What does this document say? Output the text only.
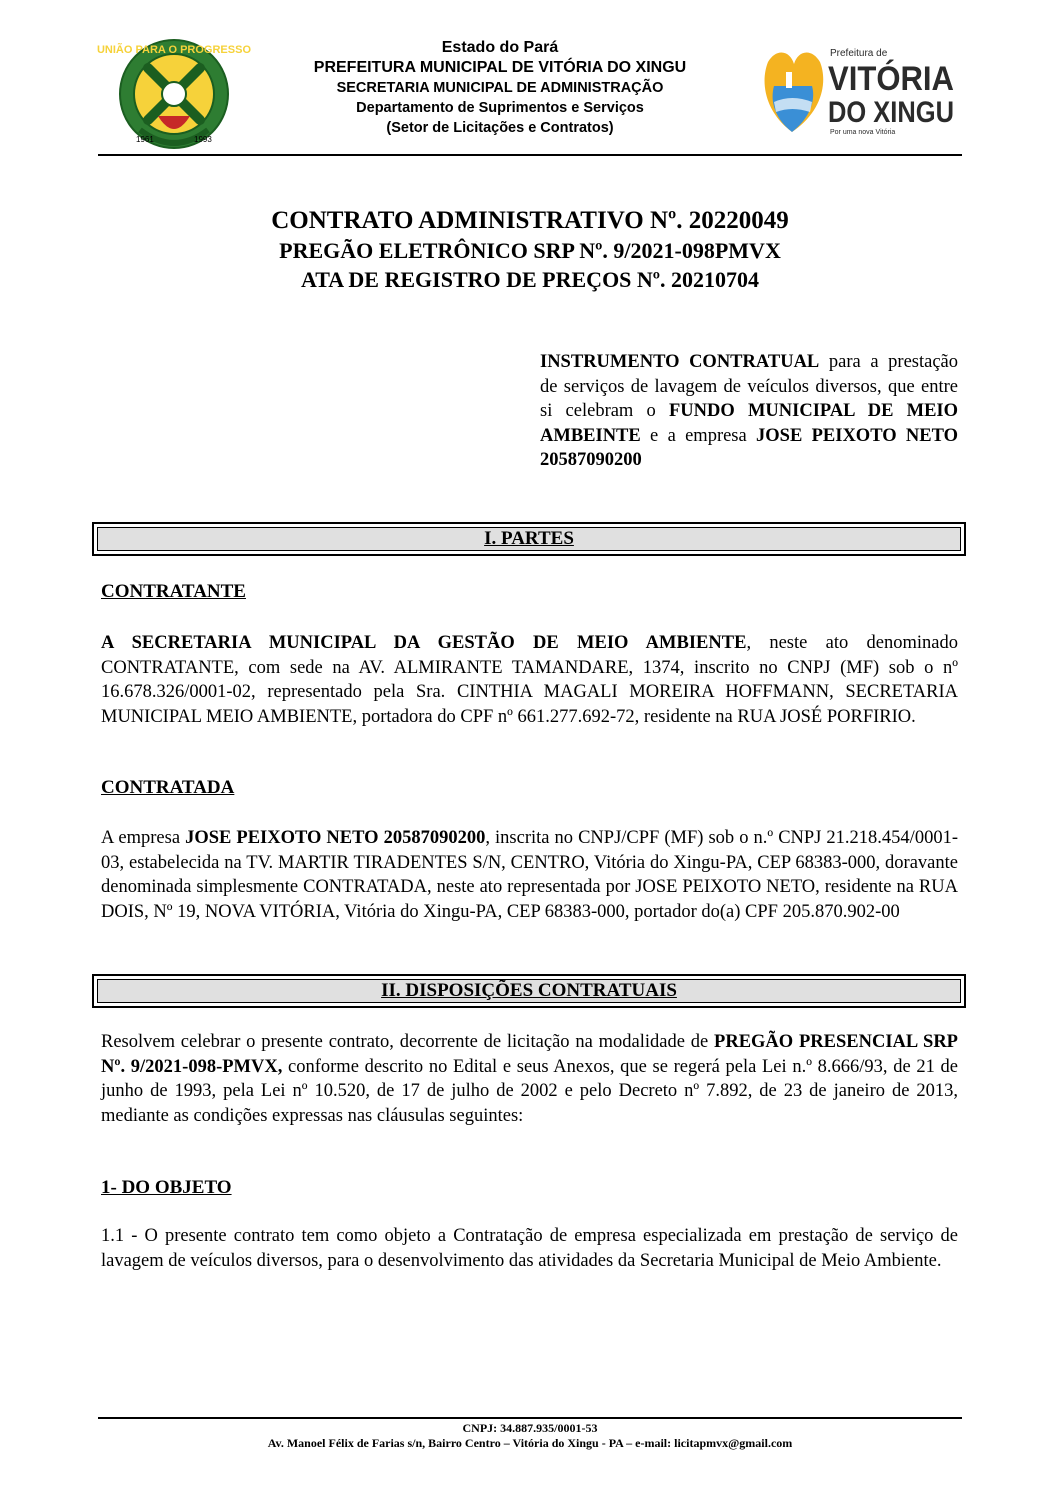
UNIÃO PARA O PROGRESSO
1961	1993
Estado do Pará
PREFEITURA MUNICIPAL DE VITÓRIA DO XINGU
SECRETARIA MUNICIPAL DE ADMINISTRAÇÃO
Departamento de Suprimentos e Serviços
(Setor de Licitações e Contratos)
Prefeitura de
VITÓRIA
DO XINGU
Por uma nova Vitória
CONTRATO ADMINISTRATIVO Nº. 20220049
PREGÃO ELETRÔNICO SRP Nº. 9/2021-098PMVX
ATA DE REGISTRO DE PREÇOS Nº. 20210704
INSTRUMENTO CONTRATUAL para a prestação de serviços de lavagem de veículos diversos, que entre si celebram o FUNDO MUNICIPAL DE MEIO AMBEINTE e a empresa JOSE PEIXOTO NETO 20587090200
I. PARTES
CONTRATANTE
A SECRETARIA MUNICIPAL DA GESTÃO DE MEIO AMBIENTE, neste ato denominado CONTRATANTE, com sede na AV. ALMIRANTE TAMANDARE, 1374, inscrito no CNPJ (MF) sob o nº 16.678.326/0001-02, representado pela Sra. CINTHIA MAGALI MOREIRA HOFFMANN, SECRETARIA MUNICIPAL MEIO AMBIENTE, portadora do CPF nº 661.277.692-72, residente na RUA JOSÉ PORFIRIO.
CONTRATADA
A empresa JOSE PEIXOTO NETO 20587090200, inscrita no CNPJ/CPF (MF) sob o n.º CNPJ 21.218.454/0001-03, estabelecida na TV. MARTIR TIRADENTES S/N, CENTRO, Vitória do Xingu-PA, CEP 68383-000, doravante denominada simplesmente CONTRATADA, neste ato representada por JOSE PEIXOTO NETO, residente na RUA DOIS, Nº 19, NOVA VITÓRIA, Vitória do Xingu-PA, CEP 68383-000, portador do(a) CPF 205.870.902-00
II. DISPOSIÇÕES CONTRATUAIS
Resolvem celebrar o presente contrato, decorrente de licitação na modalidade de PREGÃO PRESENCIAL SRP Nº. 9/2021-098-PMVX, conforme descrito no Edital e seus Anexos, que se regerá pela Lei n.º 8.666/93, de 21 de junho de 1993, pela Lei nº 10.520, de 17 de julho de 2002 e pelo Decreto nº 7.892, de 23 de janeiro de 2013, mediante as condições expressas nas cláusulas seguintes:
1- DO OBJETO
1.1 - O presente contrato tem como objeto a Contratação de empresa especializada em prestação de serviço de lavagem de veículos diversos, para o desenvolvimento das atividades da Secretaria Municipal de Meio Ambiente.
CNPJ: 34.887.935/0001-53
Av. Manoel Félix de Farias s/n, Bairro Centro – Vitória do Xingu - PA – e-mail: licitapmvx@gmail.com
